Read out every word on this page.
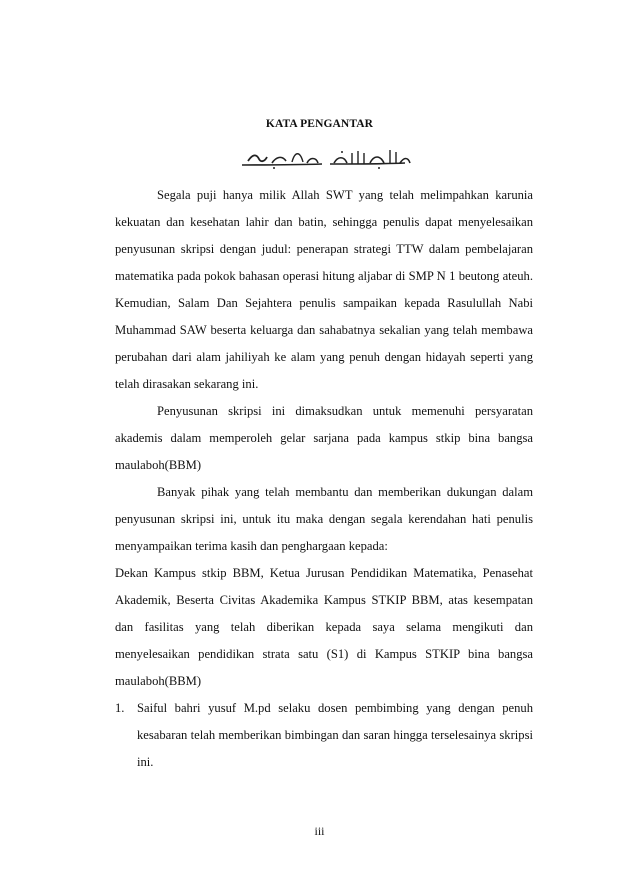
KATA PENGANTAR

Segala puji hanya milik Allah SWT yang telah melimpahkan karunia kekuatan dan kesehatan lahir dan batin, sehingga penulis dapat menyelesaikan penyusunan skripsi dengan judul: penerapan strategi TTW dalam pembelajaran matematika pada pokok bahasan operasi hitung aljabar di SMP N 1 beutong ateuh. Kemudian, Salam Dan Sejahtera penulis sampaikan kepada Rasulullah Nabi Muhammad SAW beserta keluarga dan sahabatnya sekalian yang telah membawa perubahan dari alam jahiliyah ke alam yang penuh dengan hidayah seperti yang telah dirasakan sekarang ini.

Penyusunan skripsi ini dimaksudkan untuk memenuhi persyaratan akademis dalam memperoleh gelar sarjana pada kampus stkip bina bangsa maulaboh(BBM)

Banyak pihak yang telah membantu dan memberikan dukungan dalam penyusunan skripsi ini, untuk itu maka dengan segala kerendahan hati penulis menyampaikan terima kasih dan penghargaan kepada:

Dekan Kampus stkip BBM, Ketua Jurusan Pendidikan Matematika, Penasehat Akademik, Beserta Civitas Akademika Kampus STKIP BBM, atas kesempatan dan fasilitas yang telah diberikan kepada saya selama mengikuti dan menyelesaikan pendidikan strata satu (S1) di Kampus STKIP bina bangsa maulaboh(BBM)

1. Saiful bahri yusuf M.pd selaku dosen pembimbing yang dengan penuh kesabaran telah memberikan bimbingan dan saran hingga terselesainya skripsi ini.

iii
